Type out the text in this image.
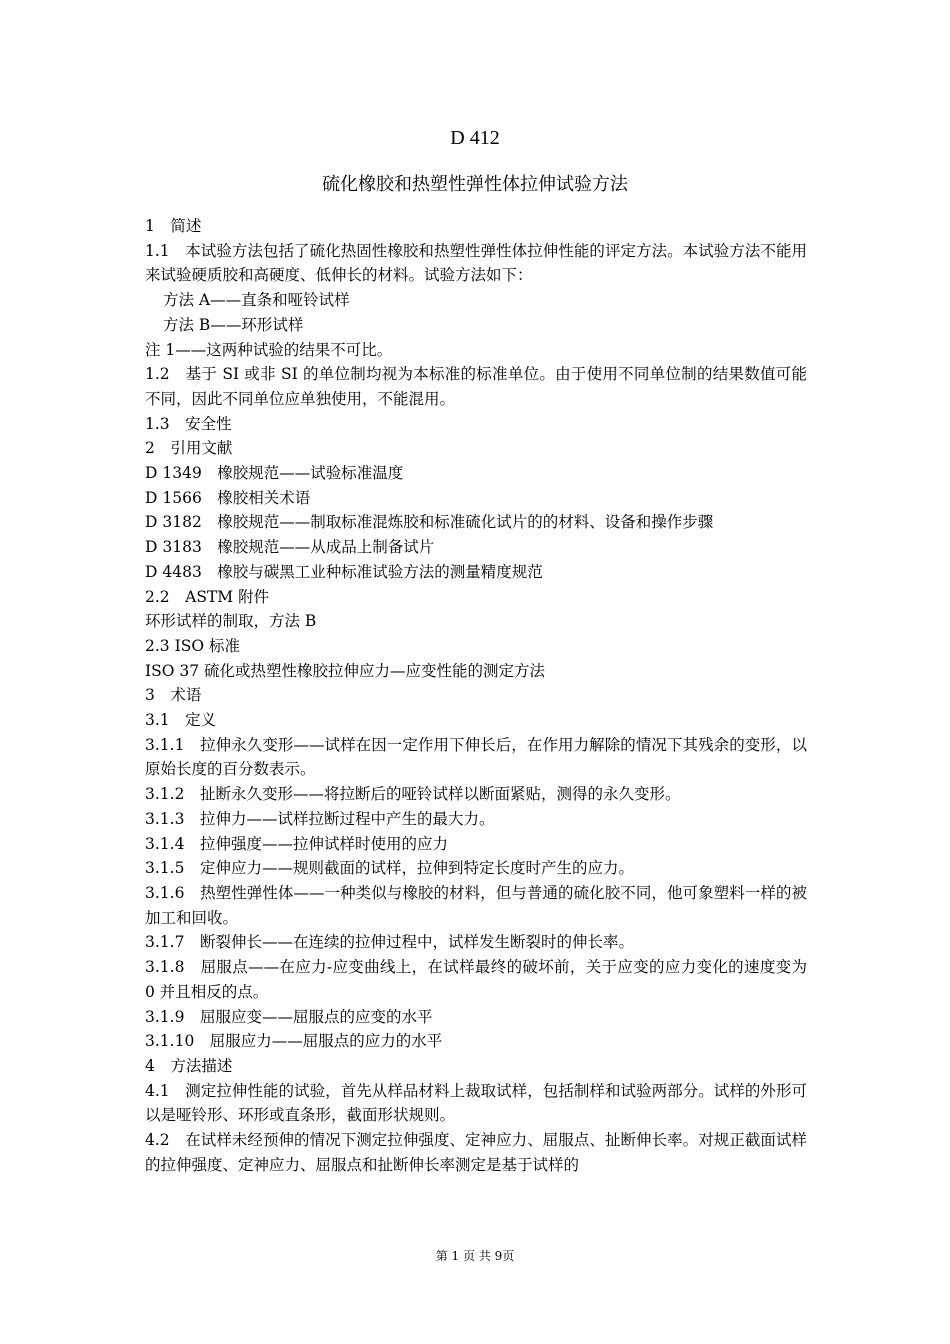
D 412
硫化橡胶和热塑性弹性体拉伸试验方法

1　简述

1.1　本试验方法包括了硫化热固性橡胶和热塑性弹性体拉伸性能的评定方法。本试验方法不能用来试验硬质胶和高硬度、低伸长的材料。试验方法如下：

方法 A——直条和哑铃试样

方法 B——环形试样

注 1——这两种试验的结果不可比。

1.2　基于 SI 或非 SI 的单位制均视为本标准的标准单位。由于使用不同单位制的结果数值可能不同，因此不同单位应单独使用，不能混用。

1.3　安全性

2　引用文献

D 1349　橡胶规范——试验标准温度

D 1566　橡胶相关术语

D 3182　橡胶规范——制取标准混炼胶和标准硫化试片的的材料、设备和操作步骤

D 3183　橡胶规范——从成品上制备试片

D 4483　橡胶与碳黑工业种标准试验方法的测量精度规范

2.2　ASTM 附件

环形试样的制取，方法 B

2.3 ISO 标准

ISO 37 硫化或热塑性橡胶拉伸应力—应变性能的测定方法

3　术语

3.1　定义

3.1.1　拉伸永久变形——试样在因一定作用下伸长后，在作用力解除的情况下其残余的变形，以原始长度的百分数表示。

3.1.2　扯断永久变形——将拉断后的哑铃试样以断面紧贴，测得的永久变形。

3.1.3　拉伸力——试样拉断过程中产生的最大力。

3.1.4　拉伸强度——拉伸试样时使用的应力

3.1.5　定伸应力——规则截面的试样，拉伸到特定长度时产生的应力。

3.1.6　热塑性弹性体——一种类似与橡胶的材料，但与普通的硫化胶不同，他可象塑料一样的被加工和回收。

3.1.7　断裂伸长——在连续的拉伸过程中，试样发生断裂时的伸长率。

3.1.8　屈服点——在应力-应变曲线上，在试样最终的破坏前，关于应变的应力变化的速度变为 0 并且相反的点。

3.1.9　屈服应变——屈服点的应变的水平

3.1.10　屈服应力——屈服点的应力的水平

4　方法描述

4.1　测定拉伸性能的试验，首先从样品材料上裁取试样，包括制样和试验两部分。试样的外形可以是哑铃形、环形或直条形，截面形状规则。

4.2　在试样未经预伸的情况下测定拉伸强度、定神应力、屈服点、扯断伸长率。对规正截面试样的拉伸强度、定神应力、屈服点和扯断伸长率测定是基于试样的

第 1 页 共 9页
